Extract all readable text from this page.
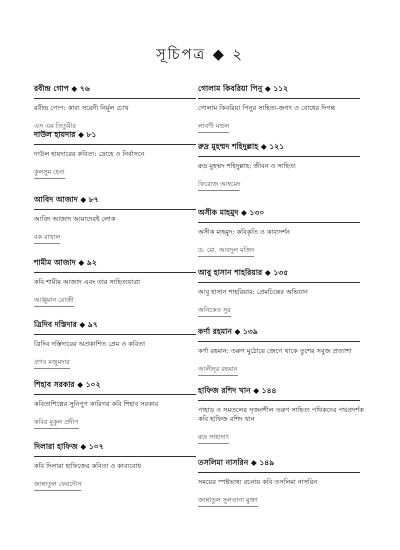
সূচিপত্র ◆ ২
রবীন্দ্র গোপ ◆ ৭৬
রবীন্দ্র গোপ: কাব্য সরেনী নির্মূল চোখ
এস এম তিতুমীর
দাউল হায়দার ◆ ৮১
দাউল হায়দারের কবিতা: দ্রোহে ও নির্বাসনে
কুলসুম হেনা
আবিদ আজাদ ◆ ৮৭
আবিদ আজাদ আমাদেরই লোক
বক রাখাল
শামীম আজাদ ◆ ৯২
কবি শামীম আজাদ এবং তার সাহিত্যযাত্রা
আঞ্জুমান রোজী
ত্রিদিব দস্তিদার ◆ ৯৭
ত্রিদিব দস্তিদারের অপ্রকাশিত প্রেম ও কবিতা
প্রণব মজুমদার
শিহাব সরকার ◆ ১০২
কবিতাশিল্পের সুনিপুণ কারিগর কবি শিহাব সরকার
কবির মুকুল প্রদীপ
দিলারা হাফিজ ◆ ১০৭
কবি দিলারা হাফিজের কবিতা ও কাব্যবোধ
জান্নাতুল ফেরদৌস
গোলাম কিবরিয়া পিনু ◆ ১১২
গোলাম কিবরিয়া পিনুর সাহিত্য-জগৎ ও বোধের দিগন্ত
লাবণী মন্ডল
রুদ্র মুহম্মদ শহিদুল্লাহ ◆ ১২১
রুদ্র মুহম্মদ শহিদুল্লাহ: জীবন ও সাহিত্য
ফিরোজ আহমেদ
অসীক মাহমুদ ◆ ১৩০
অসীক মাহমুদ: কবিকৃতি ও কাব্যদর্শন
ড. মো. আবদুল মজিদ
আবু হাসান শাহরিয়ার ◆ ১৩৫
আবু হাসান শাহরিয়ার: প্রেমচিন্তের অভিযান
অনিকেত সুর
কর্ণা রহমান ◆ ১৩৯
কর্ণা রহমান: তরুণ মুঠোয়ে জেগে থাকে তুশের সবুজ প্রত্যাশা
আলীনূর রহমান
হাফিজ রশিদ খান ◆ ১৪৪
পাহাড় ও সমতলের সৃজনশীল তরুণ সাহিত্য পথিকদের পথপ্রদর্শক কবি হাফিজ রশিদ খান
রুদ্র সাহাদাৎ
তসলিমা নাসরিন ◆ ১৪৯
সময়ের স্পষ্টভাষ্য রচনায় কবি তসলিমা নাসরিন
জান্নাতুল সুলতানা মুক্তা
